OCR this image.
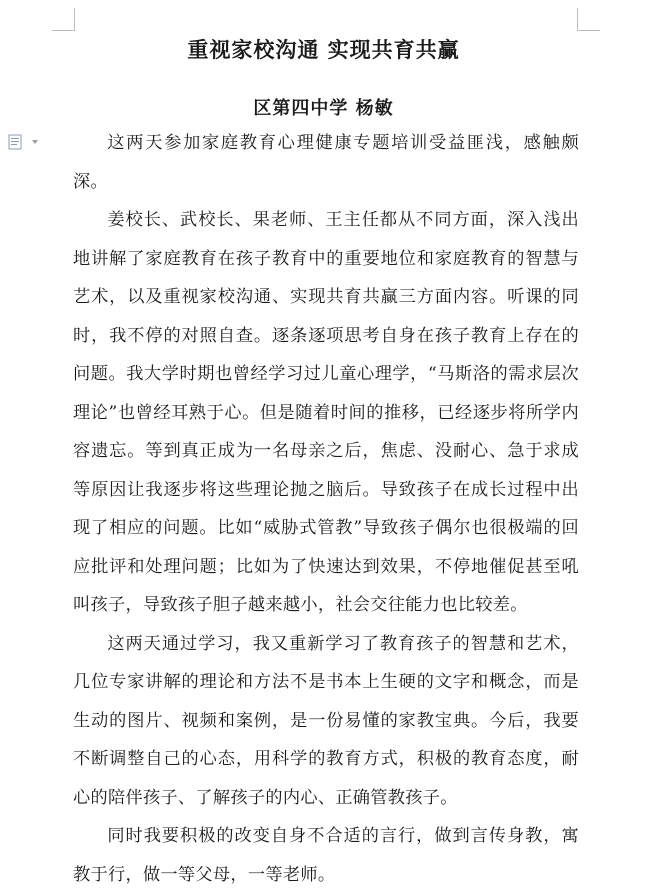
重视家校沟通 实现共育共赢
区第四中学 杨敏

这两天参加家庭教育心理健康专题培训受益匪浅，感触颇深。

姜校长、武校长、果老师、王主任都从不同方面，深入浅出地讲解了家庭教育在孩子教育中的重要地位和家庭教育的智慧与艺术，以及重视家校沟通、实现共育共赢三方面内容。听课的同时，我不停的对照自查。逐条逐项思考自身在孩子教育上存在的问题。我大学时期也曾经学习过儿童心理学，“马斯洛的需求层次理论”也曾经耳熟于心。但是随着时间的推移，已经逐步将所学内容遗忘。等到真正成为一名母亲之后，焦虑、没耐心、急于求成等原因让我逐步将这些理论抛之脑后。导致孩子在成长过程中出现了相应的问题。比如“威胁式管教”导致孩子偶尔也很极端的回应批评和处理问题；比如为了快速达到效果，不停地催促甚至吼叫孩子，导致孩子胆子越来越小，社会交往能力也比较差。

这两天通过学习，我又重新学习了教育孩子的智慧和艺术，几位专家讲解的理论和方法不是书本上生硬的文字和概念，而是生动的图片、视频和案例，是一份易懂的家教宝典。今后，我要不断调整自己的心态，用科学的教育方式，积极的教育态度，耐心的陪伴孩子、了解孩子的内心、正确管教孩子。

同时我要积极的改变自身不合适的言行，做到言传身教，寓教于行，做一等父母，一等老师。
